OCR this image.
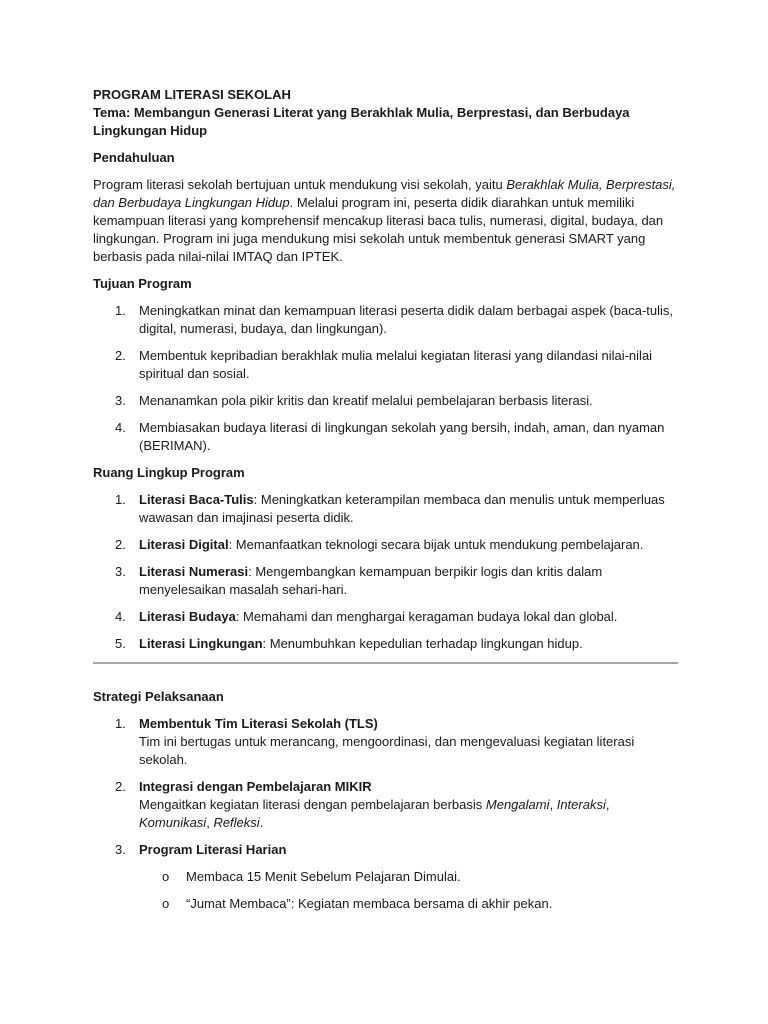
PROGRAM LITERASI SEKOLAH

Tema: Membangun Generasi Literat yang Berakhlak Mulia, Berprestasi, dan Berbudaya Lingkungan Hidup

Pendahuluan

Program literasi sekolah bertujuan untuk mendukung visi sekolah, yaitu Berakhlak Mulia, Berprestasi, dan Berbudaya Lingkungan Hidup. Melalui program ini, peserta didik diarahkan untuk memiliki kemampuan literasi yang komprehensif mencakup literasi baca tulis, numerasi, digital, budaya, dan lingkungan. Program ini juga mendukung misi sekolah untuk membentuk generasi SMART yang berbasis pada nilai-nilai IMTAQ dan IPTEK.

Tujuan Program

1. Meningkatkan minat dan kemampuan literasi peserta didik dalam berbagai aspek (baca-tulis, digital, numerasi, budaya, dan lingkungan).
2. Membentuk kepribadian berakhlak mulia melalui kegiatan literasi yang dilandasi nilai-nilai spiritual dan sosial.
3. Menanamkan pola pikir kritis dan kreatif melalui pembelajaran berbasis literasi.
4. Membiasakan budaya literasi di lingkungan sekolah yang bersih, indah, aman, dan nyaman (BERIMAN).

Ruang Lingkup Program

1. Literasi Baca-Tulis: Meningkatkan keterampilan membaca dan menulis untuk memperluas wawasan dan imajinasi peserta didik.
2. Literasi Digital: Memanfaatkan teknologi secara bijak untuk mendukung pembelajaran.
3. Literasi Numerasi: Mengembangkan kemampuan berpikir logis dan kritis dalam menyelesaikan masalah sehari-hari.
4. Literasi Budaya: Memahami dan menghargai keragaman budaya lokal dan global.
5. Literasi Lingkungan: Menumbuhkan kepedulian terhadap lingkungan hidup.

Strategi Pelaksanaan

1. Membentuk Tim Literasi Sekolah (TLS)
Tim ini bertugas untuk merancang, mengoordinasi, dan mengevaluasi kegiatan literasi sekolah.
2. Integrasi dengan Pembelajaran MIKIR
Mengaitkan kegiatan literasi dengan pembelajaran berbasis Mengalami, Interaksi, Komunikasi, Refleksi.
3. Program Literasi Harian
o Membaca 15 Menit Sebelum Pelajaran Dimulai.
o “Jumat Membaca”: Kegiatan membaca bersama di akhir pekan.
